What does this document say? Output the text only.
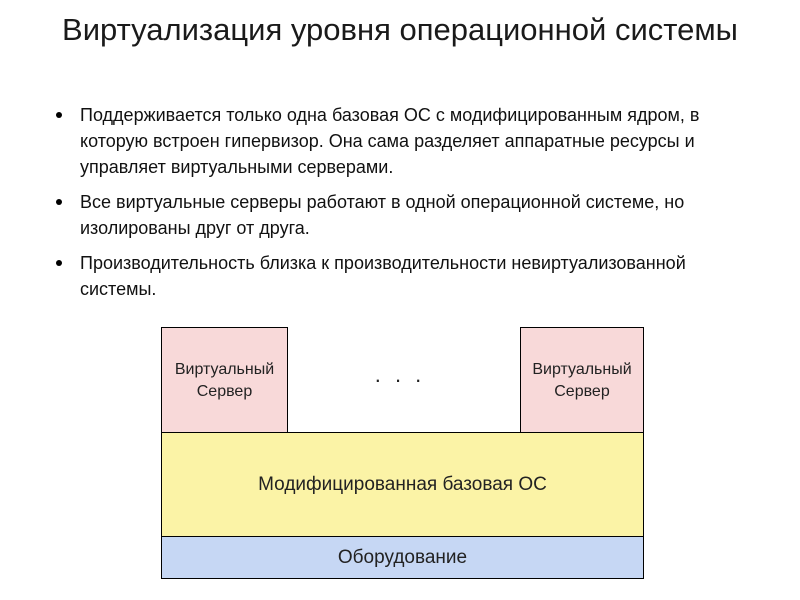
Виртуализация уровня операционной системы
Поддерживается только одна базовая ОС с модифицированным ядром, в которую встроен гипервизор. Она сама разделяет аппаратные ресурсы и управляет виртуальными серверами.
Все виртуальные серверы работают в одной операционной системе, но изолированы друг от друга.
Производительность близка к производительности невиртуализованной системы.
Виртуальный
Сервер
. . .	Виртуальный
Сервер
Модифицированная базовая ОС
Оборудование
